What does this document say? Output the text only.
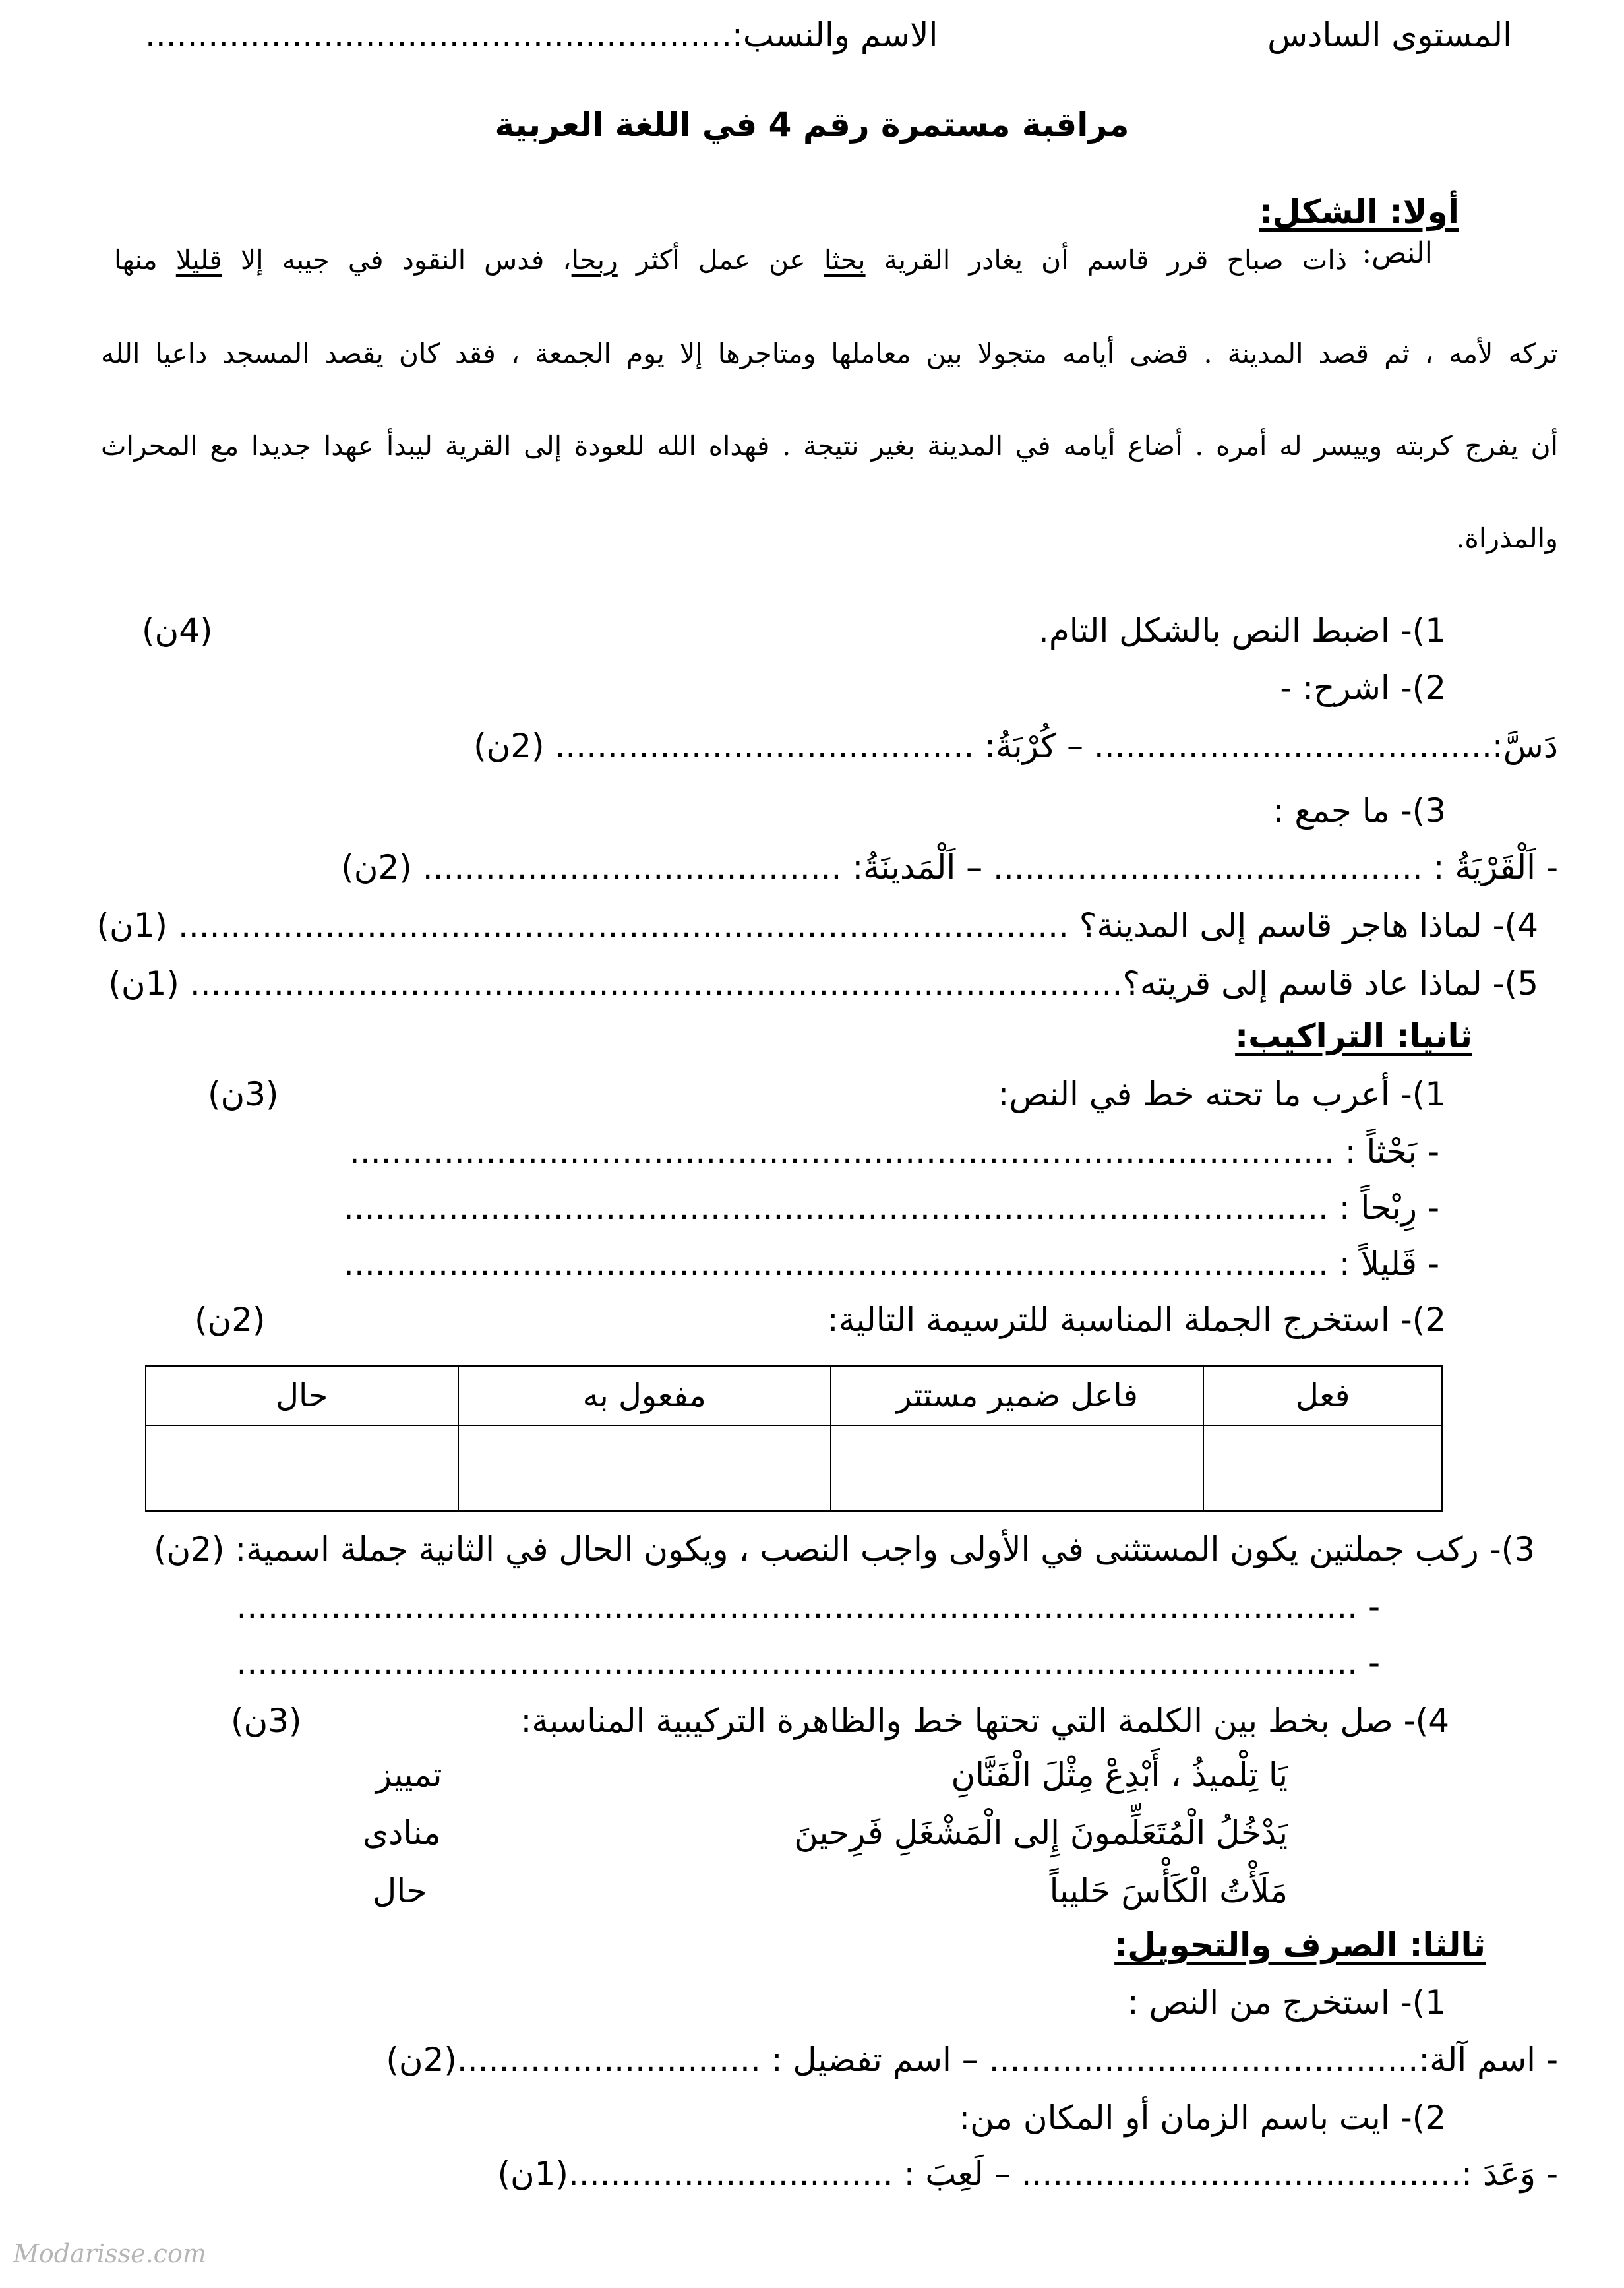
المستوى السادس
........................................................الاسم والنسب:
مراقبة مستمرة رقم 4 في اللغة العربية
أولا: الشكل:
النص:
ذات صباح قرر قاسم أن يغادر القرية بحثا عن عمل أكثر ربحا، فدس النقود في جيبه إلا قليلا منها
تركه لأمه ، ثم قصد المدينة . قضى أيامه متجولا بين معاملها ومتاجرها إلا يوم الجمعة ، فقد كان يقصد المسجد داعيا الله
أن يفرج كربته وييسر له أمره . أضاع أيامه في المدينة بغير نتيجة . فهداه الله للعودة إلى القرية ليبدأ عهدا جديدا مع المحراث
والمذراة.
1)- اضبط النص بالشكل التام.
(4ن)
2)- اشرح: -
دَسَّ:...................................... – كُرْبَةُ: ........................................ (2ن)
3)- ما جمع :
- اَلْقَرْيَةُ : ......................................... – اَلْمَدينَةُ: ........................................ (2ن)
4)- لماذا هاجر قاسم إلى المدينة؟ ..................................................................................... (1ن)
5)- لماذا عاد قاسم إلى قريته؟......................................................................................... (1ن)
ثانيا: التراكيب:
1)- أعرب ما تحته خط في النص:
(3ن)
- بَحْثاً : ..............................................................................................
- رِبْحاً : ..............................................................................................
- قَليلاً : ..............................................................................................
2)- استخرج الجملة المناسبة للترسيمة التالية:
(2ن)
فعل	فاعل ضمير مستتر	مفعول به	حال

3)- ركب جملتين يكون المستثنى في الأولى واجب النصب ، ويكون الحال في الثانية جملة اسمية: (2ن)
- ...........................................................................................................
- ...........................................................................................................
4)- صل بخط بين الكلمة التي تحتها خط والظاهرة التركيبية المناسبة:
(3ن)
يَا تِلْميذُ ، أَبْدِعْ مِثْلَ الْفَنَّانِ
يَدْخُلُ الْمُتَعَلِّمونَ إِلى الْمَشْغَلِ فَرِحينَ
مَلَأْتُ الْكَأْسَ حَليباً
تمييز
منادى
حال
ثالثا: الصرف والتحويل:
1)- استخرج من النص :
- اسم آلة:......................................... – اسم تفضيل : .............................(2ن)
2)- ايت باسم الزمان أو المكان من:
- وَعَدَ :.......................................... – لَعِبَ : ...............................(1ن)
Modarisse.com
